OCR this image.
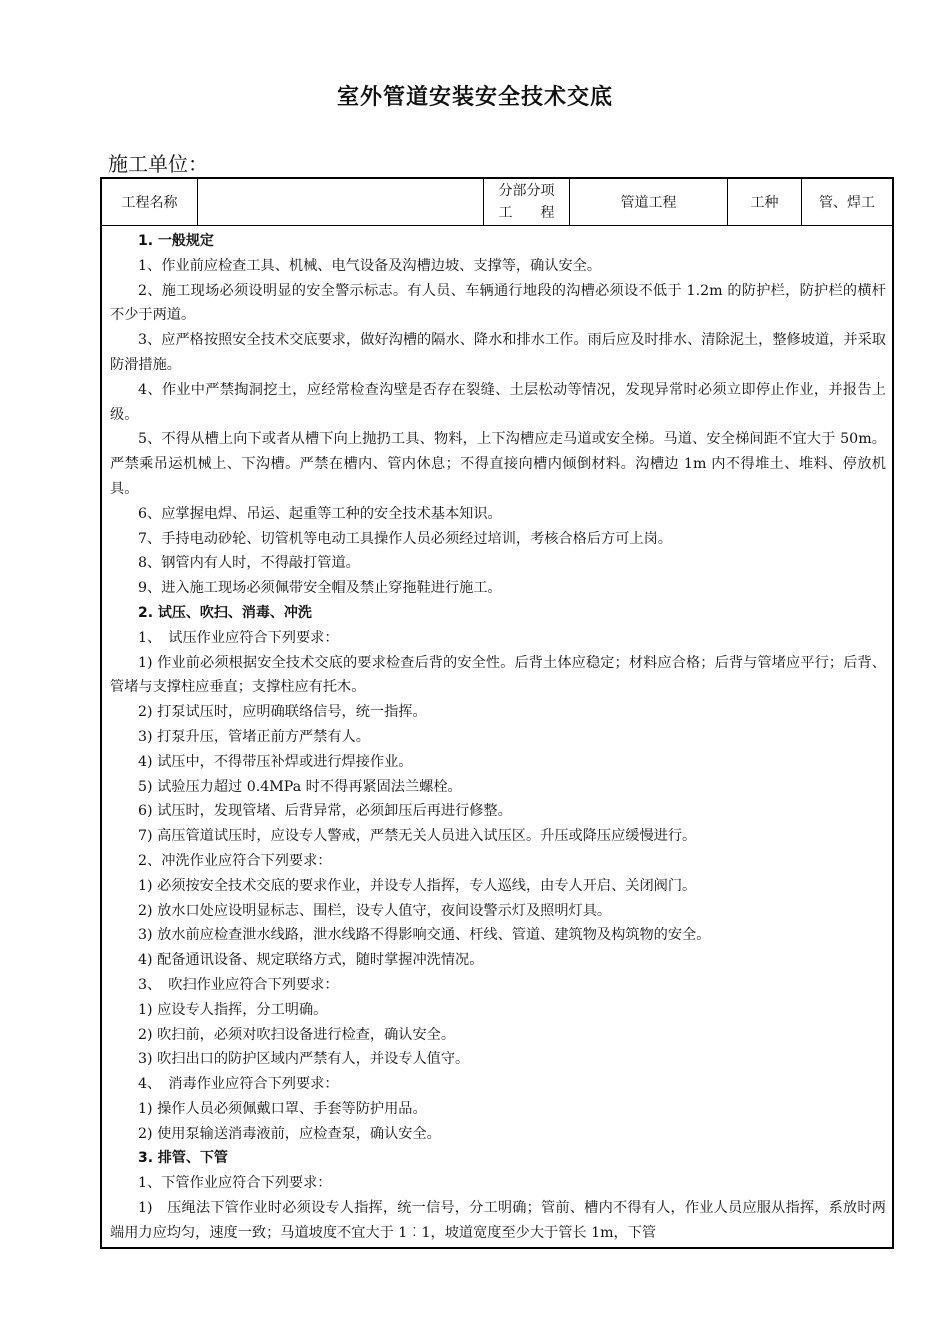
室外管道安装安全技术交底
施工单位：
工程名称
分部分项
工　　程
管道工程	工种	管、焊工

1. 一般规定

1、作业前应检查工具、机械、电气设备及沟槽边坡、支撑等，确认安全。

2、施工现场必须设明显的安全警示标志。有人员、车辆通行地段的沟槽必须设不低于 1.2m 的防护栏，防护栏的横杆不少于两道。

3、应严格按照安全技术交底要求，做好沟槽的隔水、降水和排水工作。雨后应及时排水、清除泥土，整修坡道，并采取防滑措施。

4、作业中严禁掏洞挖土，应经常检查沟壁是否存在裂缝、土层松动等情况，发现异常时必须立即停止作业，并报告上级。

5、不得从槽上向下或者从槽下向上抛扔工具、物料，上下沟槽应走马道或安全梯。马道、安全梯间距不宜大于 50m。严禁乘吊运机械上、下沟槽。严禁在槽内、管内休息；不得直接向槽内倾倒材料。沟槽边 1m 内不得堆土、堆料、停放机具。

6、应掌握电焊、吊运、起重等工种的安全技术基本知识。

7、手持电动砂轮、切管机等电动工具操作人员必须经过培训，考核合格后方可上岗。

8、钢管内有人时，不得敲打管道。

9、进入施工现场必须佩带安全帽及禁止穿拖鞋进行施工。

2. 试压、吹扫、消毒、冲洗

1、　试压作业应符合下列要求：

1) 作业前必须根据安全技术交底的要求检查后背的安全性。后背土体应稳定；材料应合格；后背与管堵应平行；后背、管堵与支撑柱应垂直；支撑柱应有托木。

2) 打泵试压时，应明确联络信号，统一指挥。

3) 打泵升压，管堵正前方严禁有人。

4) 试压中，不得带压补焊或进行焊接作业。

5) 试验压力超过 0.4MPa 时不得再紧固法兰螺栓。

6) 试压时，发现管堵、后背异常，必须卸压后再进行修整。

7) 高压管道试压时，应设专人警戒，严禁无关人员进入试压区。升压或降压应缓慢进行。

2、冲洗作业应符合下列要求：

1) 必须按安全技术交底的要求作业，并设专人指挥，专人巡线，由专人开启、关闭阀门。

2) 放水口处应设明显标志、围栏，设专人值守，夜间设警示灯及照明灯具。

3) 放水前应检查泄水线路，泄水线路不得影响交通、杆线、管道、建筑物及构筑物的安全。

4) 配备通讯设备、规定联络方式，随时掌握冲洗情况。

3、　吹扫作业应符合下列要求：

1) 应设专人指挥，分工明确。

2) 吹扫前，必须对吹扫设备进行检查，确认安全。

3) 吹扫出口的防护区域内严禁有人，并设专人值守。

4、　消毒作业应符合下列要求：

1) 操作人员必须佩戴口罩、手套等防护用品。

2) 使用泵输送消毒液前，应检查泵，确认安全。

3. 排管、下管

1、下管作业应符合下列要求：

1)　压绳法下管作业时必须设专人指挥，统一信号，分工明确；管前、槽内不得有人，作业人员应服从指挥，系放时两端用力应均匀，速度一致；马道坡度不宜大于 1︰1，坡道宽度至少大于管长 1m，下管
